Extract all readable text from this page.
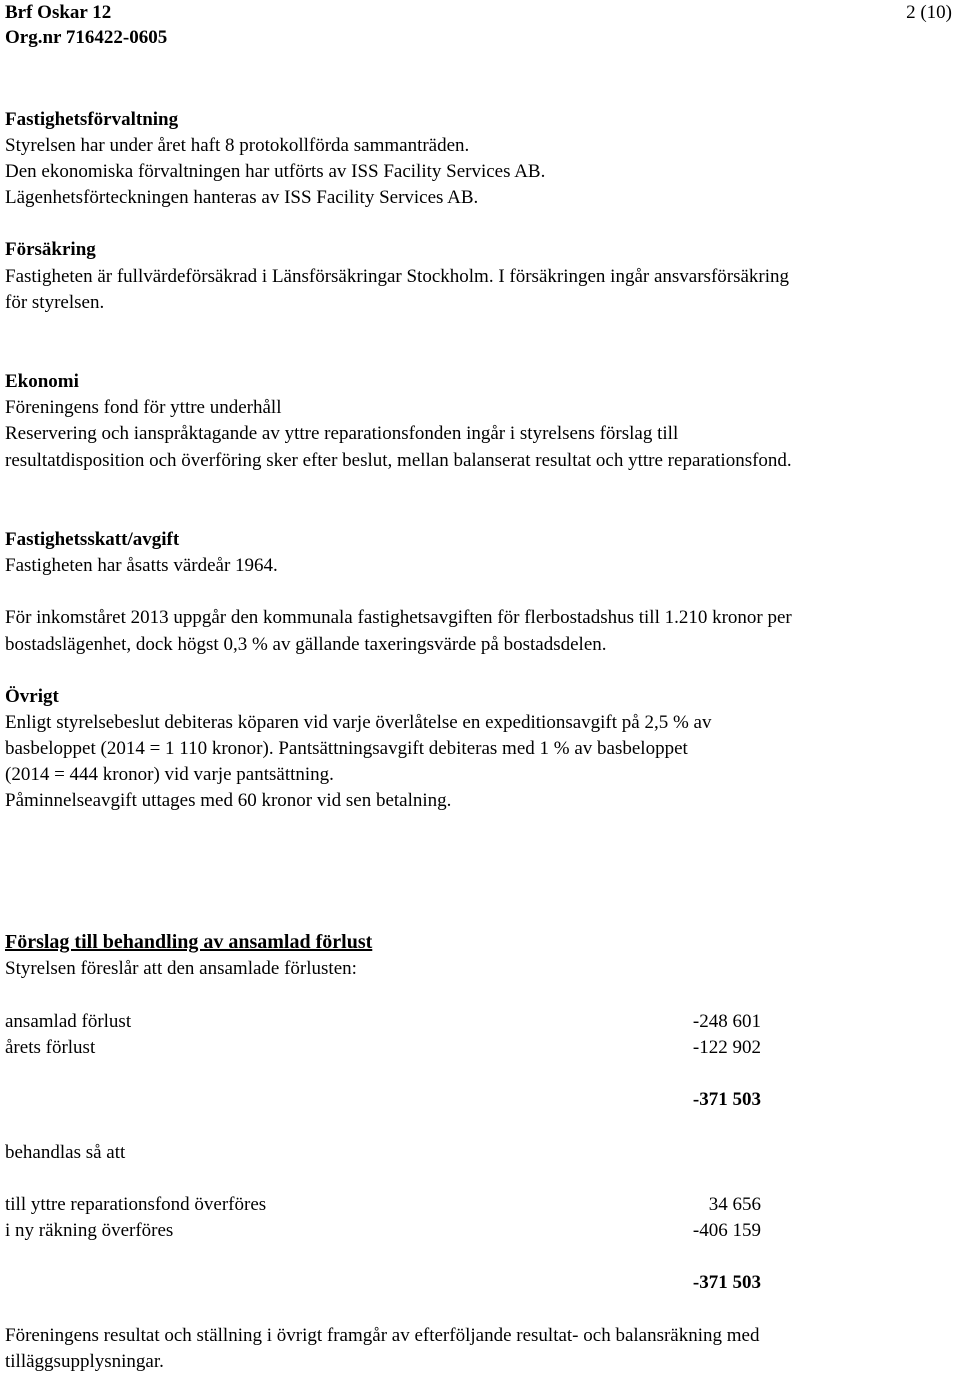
Brf Oskar 12
Org.nr 716422-0605
2 (10)
Fastighetsförvaltning
Styrelsen har under året haft 8 protokollförda sammanträden.
Den ekonomiska förvaltningen har utförts av ISS Facility Services AB.
Lägenhetsförteckningen hanteras av ISS Facility Services AB.
Försäkring
Fastigheten är fullvärdeförsäkrad i Länsförsäkringar Stockholm. I försäkringen ingår ansvarsförsäkring
för styrelsen.
Ekonomi
Föreningens fond för yttre underhåll
Reservering och ianspråktagande av yttre reparationsfonden ingår i styrelsens förslag till
resultatdisposition och överföring sker efter beslut, mellan balanserat resultat och yttre reparationsfond.
Fastighetsskatt/avgift
Fastigheten har åsatts värdeår 1964.
För inkomståret 2013 uppgår den kommunala fastighetsavgiften för flerbostadshus till 1.210 kronor per
bostadslägenhet, dock högst 0,3 % av gällande taxeringsvärde på bostadsdelen.
Övrigt
Enligt styrelsebeslut debiteras köparen vid varje överlåtelse en expeditionsavgift på 2,5 % av
basbeloppet (2014 = 1 110 kronor). Pantsättningsavgift debiteras med 1 % av basbeloppet
(2014 = 444 kronor) vid varje pantsättning.
Påminnelseavgift uttages med 60 kronor vid sen betalning.
Förslag till behandling av ansamlad förlust
Styrelsen föreslår att den ansamlade förlusten:
ansamlad förlust	-248 601
årets förlust	-122 902
-371 503
behandlas så att
till yttre reparationsfond överföres	34 656
i ny räkning överföres	-406 159
-371 503
Föreningens resultat och ställning i övrigt framgår av efterföljande resultat- och balansräkning med
tilläggsupplysningar.
